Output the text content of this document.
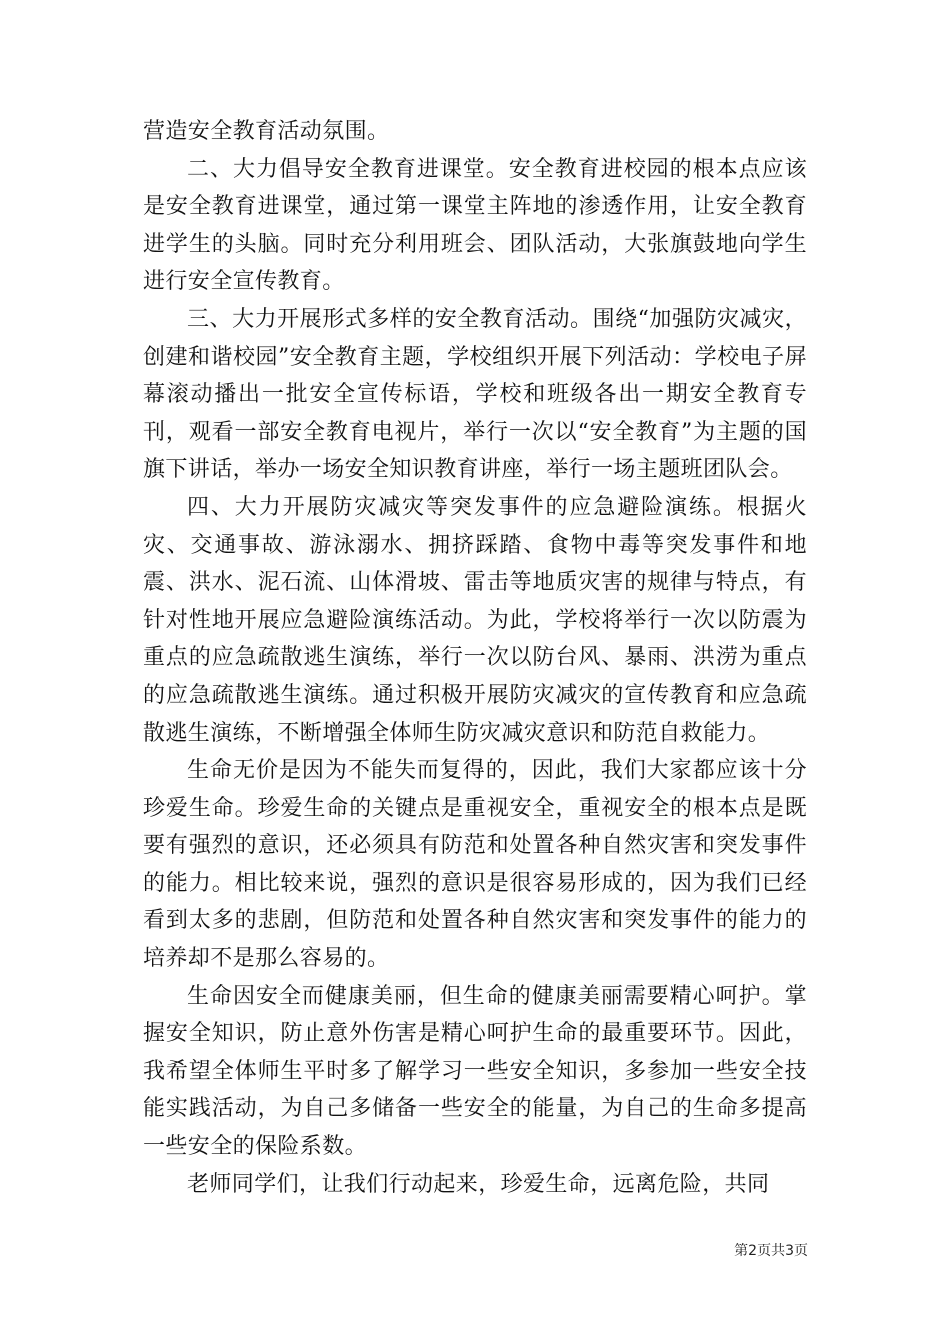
营造安全教育活动氛围。

二、大力倡导安全教育进课堂。安全教育进校园的根本点应该是安全教育进课堂，通过第一课堂主阵地的渗透作用，让安全教育进学生的头脑。同时充分利用班会、团队活动，大张旗鼓地向学生进行安全宣传教育。

三、大力开展形式多样的安全教育活动。围绕“加强防灾减灾，创建和谐校园”安全教育主题，学校组织开展下列活动：学校电子屏幕滚动播出一批安全宣传标语，学校和班级各出一期安全教育专刊，观看一部安全教育电视片，举行一次以“安全教育”为主题的国旗下讲话，举办一场安全知识教育讲座，举行一场主题班团队会。

四、大力开展防灾减灾等突发事件的应急避险演练。根据火灾、交通事故、游泳溺水、拥挤踩踏、食物中毒等突发事件和地震、洪水、泥石流、山体滑坡、雷击等地质灾害的规律与特点，有针对性地开展应急避险演练活动。为此，学校将举行一次以防震为重点的应急疏散逃生演练，举行一次以防台风、暴雨、洪涝为重点的应急疏散逃生演练。通过积极开展防灾减灾的宣传教育和应急疏散逃生演练，不断增强全体师生防灾减灾意识和防范自救能力。

生命无价是因为不能失而复得的，因此，我们大家都应该十分珍爱生命。珍爱生命的关键点是重视安全，重视安全的根本点是既要有强烈的意识，还必须具有防范和处置各种自然灾害和突发事件的能力。相比较来说，强烈的意识是很容易形成的，因为我们已经看到太多的悲剧，但防范和处置各种自然灾害和突发事件的能力的培养却不是那么容易的。

生命因安全而健康美丽，但生命的健康美丽需要精心呵护。掌握安全知识，防止意外伤害是精心呵护生命的最重要环节。因此，我希望全体师生平时多了解学习一些安全知识，多参加一些安全技能实践活动，为自己多储备一些安全的能量，为自己的生命多提高一些安全的保险系数。

老师同学们，让我们行动起来，珍爱生命，远离危险，共同

第2页共3页
